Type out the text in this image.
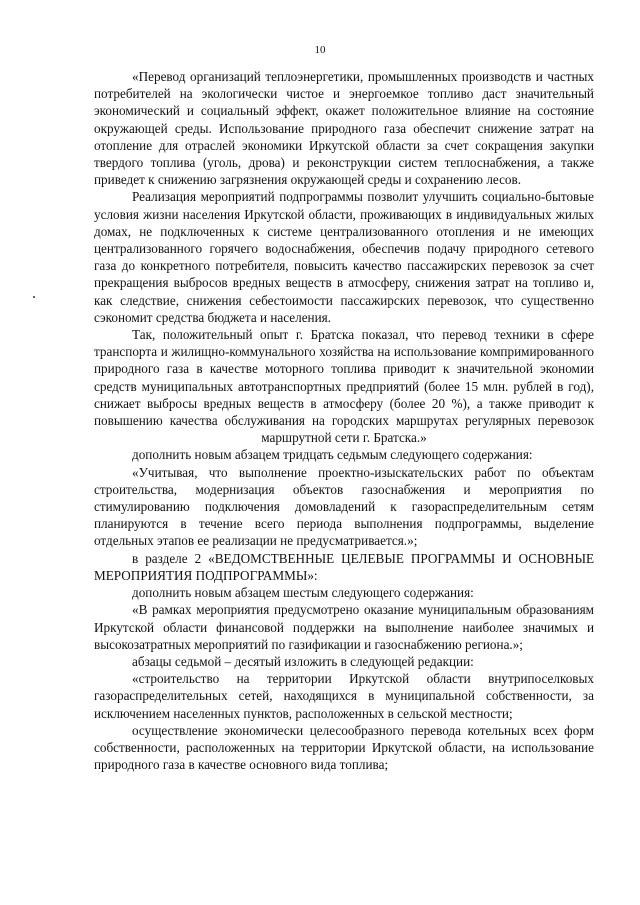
10

«Перевод организаций теплоэнергетики, промышленных производств и частных потребителей на экологически чистое и энергоемкое топливо даст значительный экономический и социальный эффект, окажет положительное влияние на состояние окружающей среды. Использование природного газа обеспечит снижение затрат на отопление для отраслей экономики Иркутской области за счет сокращения закупки твердого топлива (уголь, дрова) и реконструкции систем теплоснабжения, а также приведет к снижению загрязнения окружающей среды и сохранению лесов.

Реализация мероприятий подпрограммы позволит улучшить социально-бытовые условия жизни населения Иркутской области, проживающих в индивидуальных жилых домах, не подключенных к системе централизованного отопления и не имеющих централизованного горячего водоснабжения, обеспечив подачу природного сетевого газа до конкретного потребителя, повысить качество пассажирских перевозок за счет прекращения выбросов вредных веществ в атмосферу, снижения затрат на топливо и, как следствие, снижения себестоимости пассажирских перевозок, что существенно сэкономит средства бюджета и населения.

Так, положительный опыт г. Братска показал, что перевод техники в сфере транспорта и жилищно-коммунального хозяйства на использование компримированного природного газа в качестве моторного топлива приводит к значительной экономии средств муниципальных автотранспортных предприятий (более 15 млн. рублей в год), снижает выбросы вредных веществ в атмосферу (более 20 %), а также приводит к повышению качества обслуживания на городских маршрутах регулярных перевозок маршрутной сети г. Братска.»

дополнить новым абзацем тридцать седьмым следующего содержания:

«Учитывая, что выполнение проектно-изыскательских работ по объектам строительства, модернизация объектов газоснабжения и мероприятия по стимулированию подключения домовладений к газораспределительным сетям планируются в течение всего периода выполнения подпрограммы, выделение отдельных этапов ее реализации не предусматривается.»;

в разделе 2 «ВЕДОМСТВЕННЫЕ ЦЕЛЕВЫЕ ПРОГРАММЫ И ОСНОВНЫЕ МЕРОПРИЯТИЯ ПОДПРОГРАММЫ»:

дополнить новым абзацем шестым следующего содержания:

«В рамках мероприятия предусмотрено оказание муниципальным образованиям Иркутской области финансовой поддержки на выполнение наиболее значимых и высокозатратных мероприятий по газификации и газоснабжению региона.»;

абзацы седьмой – десятый изложить в следующей редакции:

«строительство на территории Иркутской области внутрипоселковых газораспределительных сетей, находящихся в муниципальной собственности, за исключением населенных пунктов, расположенных в сельской местности;

осуществление экономически целесообразного перевода котельных всех форм собственности, расположенных на территории Иркутской области, на использование природного газа в качестве основного вида топлива;
